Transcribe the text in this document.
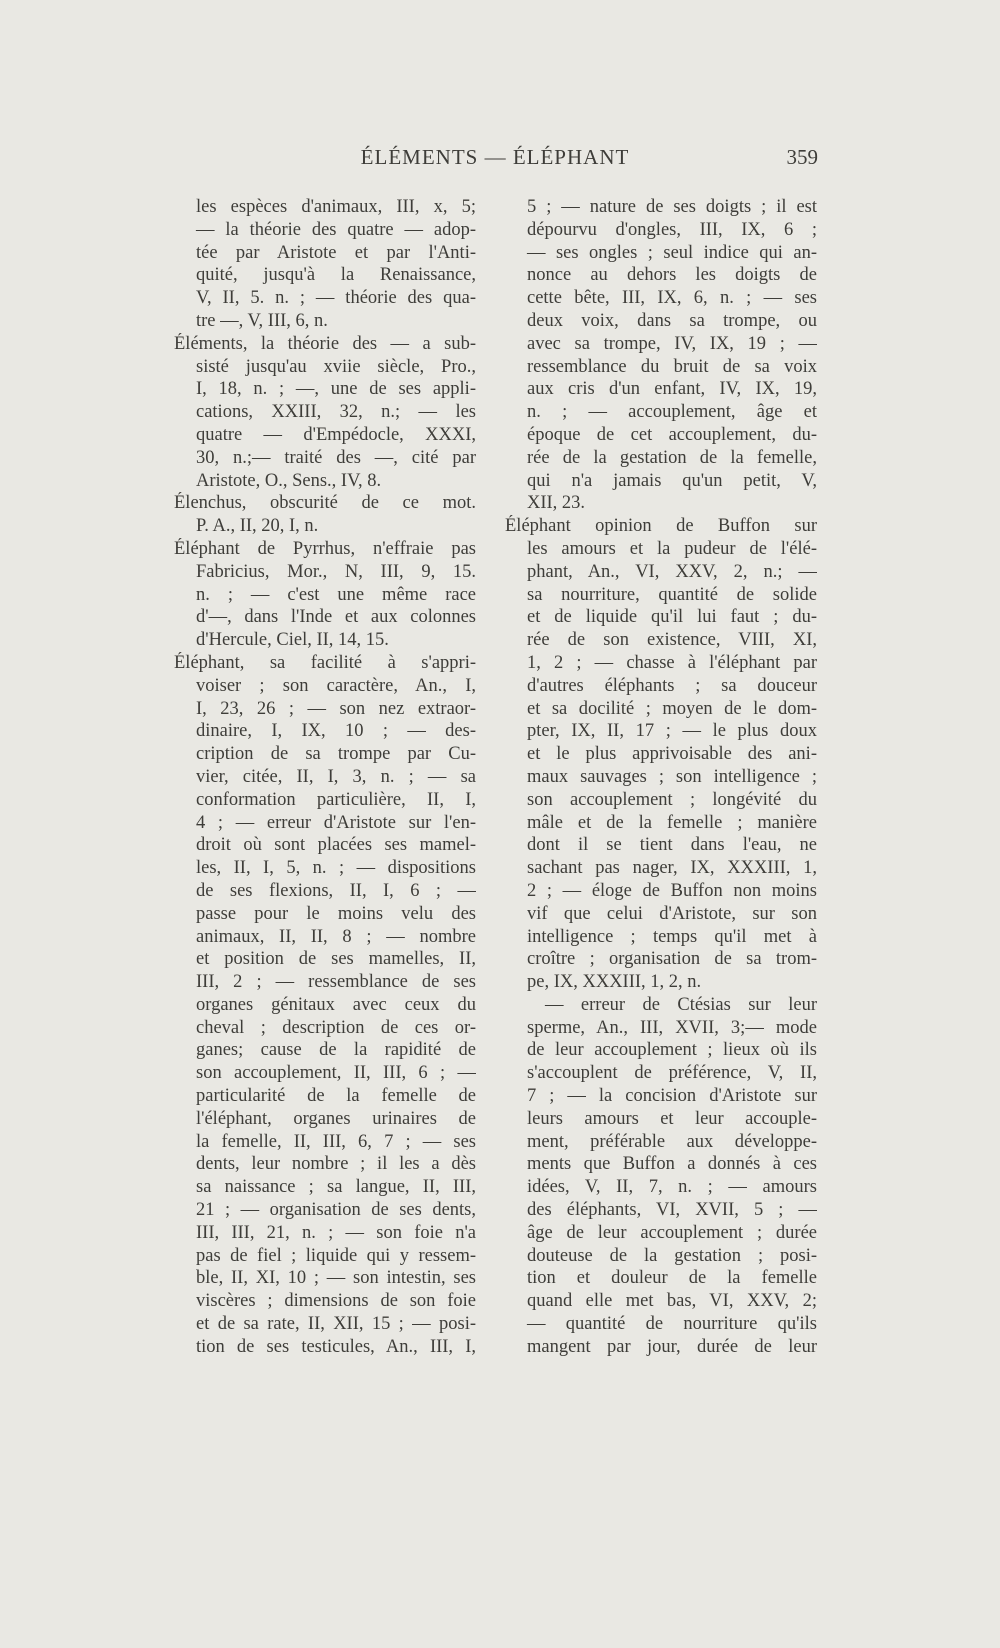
ÉLÉMENTS — ÉLÉPHANT	359
les espèces d'animaux, III, x, 5;
— la théorie des quatre — adop-
tée par Aristote et par l'Anti-
quité, jusqu'à la Renaissance,
V, II, 5. n. ; — théorie des qua-
tre —, V, III, 6, n.
Éléments, la théorie des — a sub-
sisté jusqu'au xviie siècle, Pro.,
I, 18, n. ; —, une de ses appli-
cations, XXIII, 32, n.; — les
quatre — d'Empédocle, XXXI,
30, n.;— traité des —, cité par
Aristote, O., Sens., IV, 8.
Élenchus, obscurité de ce mot.
P. A., II, 20, I, n.
Éléphant de Pyrrhus, n'effraie pas
Fabricius, Mor., N, III, 9, 15.
n. ; — c'est une même race
d'—, dans l'Inde et aux colonnes
d'Hercule, Ciel, II, 14, 15.
Éléphant, sa facilité à s'appri-
voiser ; son caractère, An., I,
I, 23, 26 ; — son nez extraor-
dinaire, I, IX, 10 ; — des-
cription de sa trompe par Cu-
vier, citée, II, I, 3, n. ; — sa
conformation particulière, II, I,
4 ; — erreur d'Aristote sur l'en-
droit où sont placées ses mamel-
les, II, I, 5, n. ; — dispositions
de ses flexions, II, I, 6 ; —
passe pour le moins velu des
animaux, II, II, 8 ; — nombre
et position de ses mamelles, II,
III, 2 ; — ressemblance de ses
organes génitaux avec ceux du
cheval ; description de ces or-
ganes; cause de la rapidité de
son accouplement, II, III, 6 ; —
particularité de la femelle de
l'éléphant, organes urinaires de
la femelle, II, III, 6, 7 ; — ses
dents, leur nombre ; il les a dès
sa naissance ; sa langue, II, III,
21 ; — organisation de ses dents,
III, III, 21, n. ; — son foie n'a
pas de fiel ; liquide qui y ressem-
ble, II, XI, 10 ; — son intestin, ses
viscères ; dimensions de son foie
et de sa rate, II, XII, 15 ; — posi-
tion de ses testicules, An., III, I,
5 ; — nature de ses doigts ; il est
dépourvu d'ongles, III, IX, 6 ;
— ses ongles ; seul indice qui an-
nonce au dehors les doigts de
cette bête, III, IX, 6, n. ; — ses
deux voix, dans sa trompe, ou
avec sa trompe, IV, IX, 19 ; —
ressemblance du bruit de sa voix
aux cris d'un enfant, IV, IX, 19,
n. ; — accouplement, âge et
époque de cet accouplement, du-
rée de la gestation de la femelle,
qui n'a jamais qu'un petit, V,
XII, 23.
Éléphant opinion de Buffon sur
les amours et la pudeur de l'élé-
phant, An., VI, XXV, 2, n.; —
sa nourriture, quantité de solide
et de liquide qu'il lui faut ; du-
rée de son existence, VIII, XI,
1, 2 ; — chasse à l'éléphant par
d'autres éléphants ; sa douceur
et sa docilité ; moyen de le dom-
pter, IX, II, 17 ; — le plus doux
et le plus apprivoisable des ani-
maux sauvages ; son intelligence ;
son accouplement ; longévité du
mâle et de la femelle ; manière
dont il se tient dans l'eau, ne
sachant pas nager, IX, XXXIII, 1,
2 ; — éloge de Buffon non moins
vif que celui d'Aristote, sur son
intelligence ; temps qu'il met à
croître ; organisation de sa trom-
pe, IX, XXXIII, 1, 2, n.
— erreur de Ctésias sur leur
sperme, An., III, XVII, 3;— mode
de leur accouplement ; lieux où ils
s'accouplent de préférence, V, II,
7 ; — la concision d'Aristote sur
leurs amours et leur accouple-
ment, préférable aux développe-
ments que Buffon a donnés à ces
idées, V, II, 7, n. ; — amours
des éléphants, VI, XVII, 5 ; —
âge de leur accouplement ; durée
douteuse de la gestation ; posi-
tion et douleur de la femelle
quand elle met bas, VI, XXV, 2;
— quantité de nourriture qu'ils
mangent par jour, durée de leur
